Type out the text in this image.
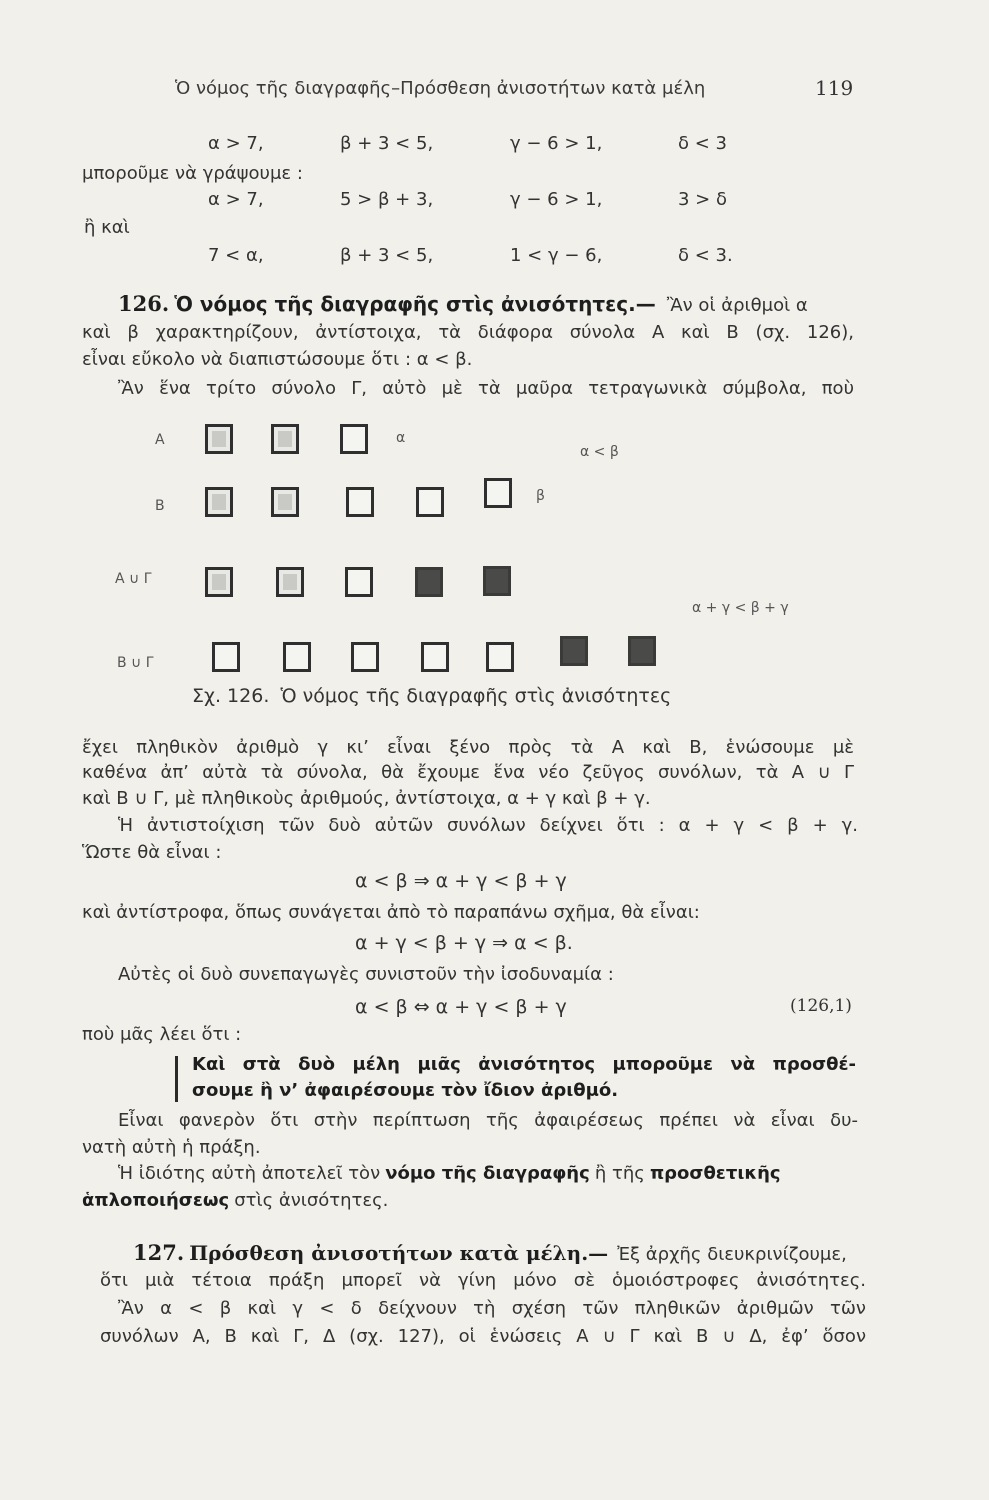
Ὁ νόμος τῆς διαγραφῆς–Πρόσθεση ἀνισοτήτων κατὰ μέλη	119
α > 7,	β + 3 < 5,	γ − 6 > 1,	δ < 3
μποροῦμε νὰ γράψουμε :
α > 7,	5 > β + 3,	γ − 6 > 1,	3 > δ
ἢ καὶ
7 < α,	β + 3 < 5,	1 < γ − 6,	δ < 3.
126. Ὁ νόμος τῆς διαγραφῆς στὶς ἀνισότητες.— Ἂν οἱ ἀριθμοὶ α
καὶ β χαρακτηρίζουν, ἀντίστοιχα, τὰ διάφορα σύνολα Α καὶ Β (σχ. 126),
εἶναι εὔκολο νὰ διαπιστώσουμε ὅτι : α < β.
Ἂν ἕνα τρίτο σύνολο Γ, αὐτὸ μὲ τὰ μαῦρα τετραγωνικὰ σύμβολα, ποὺ
Α
Β
Α ∪ Γ
Β ∪ Γ
α
β
α < β
α + γ < β + γ
Σχ. 126. Ὁ νόμος τῆς διαγραφῆς στὶς ἀνισότητες
ἔχει πληθικὸν ἀριθμὸ γ κι’ εἶναι ξένο πρὸς τὰ Α καὶ Β, ἑνώσουμε μὲ
καθένα ἀπ’ αὐτὰ τὰ σύνολα, θὰ ἔχουμε ἕνα νέο ζεῦγος συνόλων, τὰ Α ∪ Γ
καὶ Β ∪ Γ, μὲ πληθικοὺς ἀριθμούς, ἀντίστοιχα, α + γ καὶ β + γ.
Ἡ ἀντιστοίχιση τῶν δυὸ αὐτῶν συνόλων δείχνει ὅτι : α + γ < β + γ.
Ὥστε θὰ εἶναι :
α < β ⇒ α + γ < β + γ
καὶ ἀντίστροφα, ὅπως συνάγεται ἀπὸ τὸ παραπάνω σχῆμα, θὰ εἶναι:
α + γ < β + γ ⇒ α < β.
Αὐτὲς οἱ δυὸ συνεπαγωγὲς συνιστοῦν τὴν ἰσοδυναμία :
α < β ⇔ α + γ < β + γ	(126,1)
ποὺ μᾶς λέει ὅτι :
Καὶ στὰ δυὸ μέλη μιᾶς ἀνισότητος μποροῦμε νὰ προσθέ-
σουμε ἢ ν’ ἀφαιρέσουμε τὸν ἴδιον ἀριθμό.
Εἶναι φανερὸν ὅτι στὴν περίπτωση τῆς ἀφαιρέσεως πρέπει νὰ εἶναι δυ-
νατὴ αὐτὴ ἡ πράξη.
Ἡ ἰδιότης αὐτὴ ἀποτελεῖ τὸν νόμο τῆς διαγραφῆς ἢ τῆς προσθετικῆς
ἁπλοποιήσεως στὶς ἀνισότητες.
127. Πρόσθεση ἀνισοτήτων κατὰ μέλη.— Ἐξ ἀρχῆς διευκρινίζουμε,
ὅτι μιὰ τέτοια πράξη μπορεῖ νὰ γίνη μόνο σὲ ὁμοιόστροφες ἀνισότητες.
Ἂν α < β καὶ γ < δ δείχνουν τὴ σχέση τῶν πληθικῶν ἀριθμῶν τῶν
συνόλων Α, Β καὶ Γ, Δ (σχ. 127), οἱ ἑνώσεις Α ∪ Γ καὶ Β ∪ Δ, ἐφ’ ὅσον
